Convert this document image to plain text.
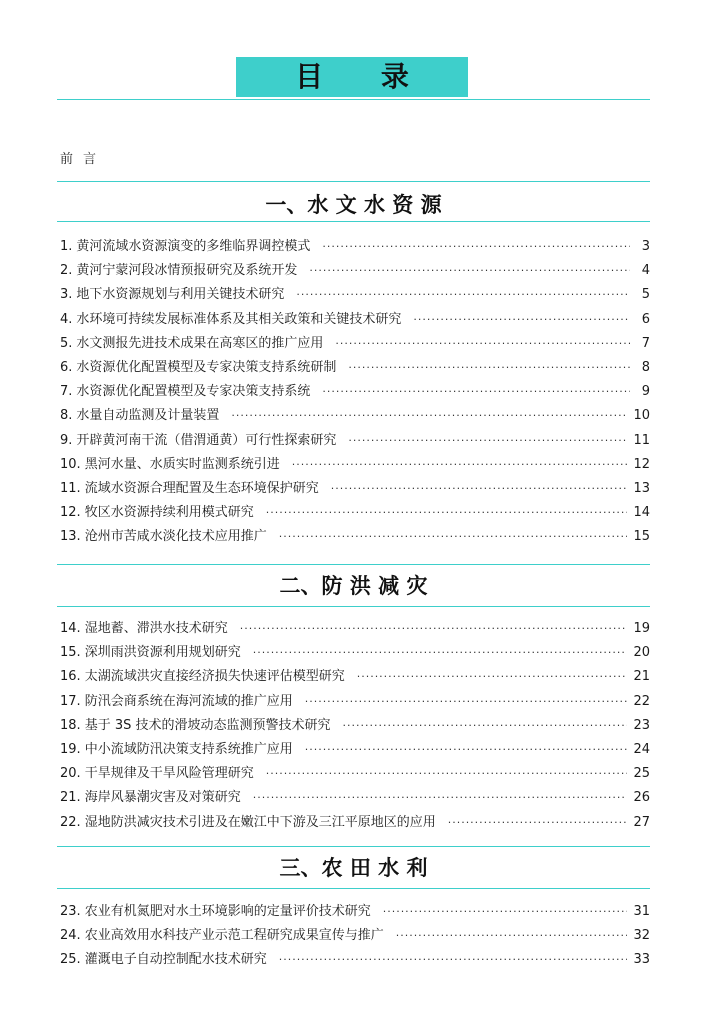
目 录
前言
一、水 文 水 资 源
1. 黄河流域水资源演变的多维临界调控模式 ·····	3
2. 黄河宁蒙河段冰情预报研究及系统开发 ·····	4
3. 地下水资源规划与利用关键技术研究 ·····	5
4. 水环境可持续发展标准体系及其相关政策和关键技术研究 ·····	6
5. 水文测报先进技术成果在高寒区的推广应用 ·····	7
6. 水资源优化配置模型及专家决策支持系统研制 ·····	8
7. 水资源优化配置模型及专家决策支持系统 ·····	9
8. 水量自动监测及计量装置 ·····	10
9. 开辟黄河南干流（借渭通黄）可行性探索研究 ·····	11
10. 黑河水量、水质实时监测系统引进 ·····	12
11. 流域水资源合理配置及生态环境保护研究 ·····	13
12. 牧区水资源持续利用模式研究 ·····	14
13. 沧州市苦咸水淡化技术应用推广 ·····	15
二、防 洪 减 灾
14. 湿地蓄、滞洪水技术研究 ·····	19
15. 深圳雨洪资源利用规划研究 ·····	20
16. 太湖流域洪灾直接经济损失快速评估模型研究 ·····	21
17. 防汛会商系统在海河流域的推广应用 ·····	22
18. 基于 3S 技术的滑坡动态监测预警技术研究 ·····	23
19. 中小流域防汛决策支持系统推广应用 ·····	24
20. 干旱规律及干旱风险管理研究 ·····	25
21. 海岸风暴潮灾害及对策研究 ·····	26
22. 湿地防洪减灾技术引进及在嫩江中下游及三江平原地区的应用 ·····	27
三、农 田 水 利
23. 农业有机氮肥对水土环境影响的定量评价技术研究 ·····	31
24. 农业高效用水科技产业示范工程研究成果宣传与推广 ·····	32
25. 灌溉电子自动控制配水技术研究 ·····	33
